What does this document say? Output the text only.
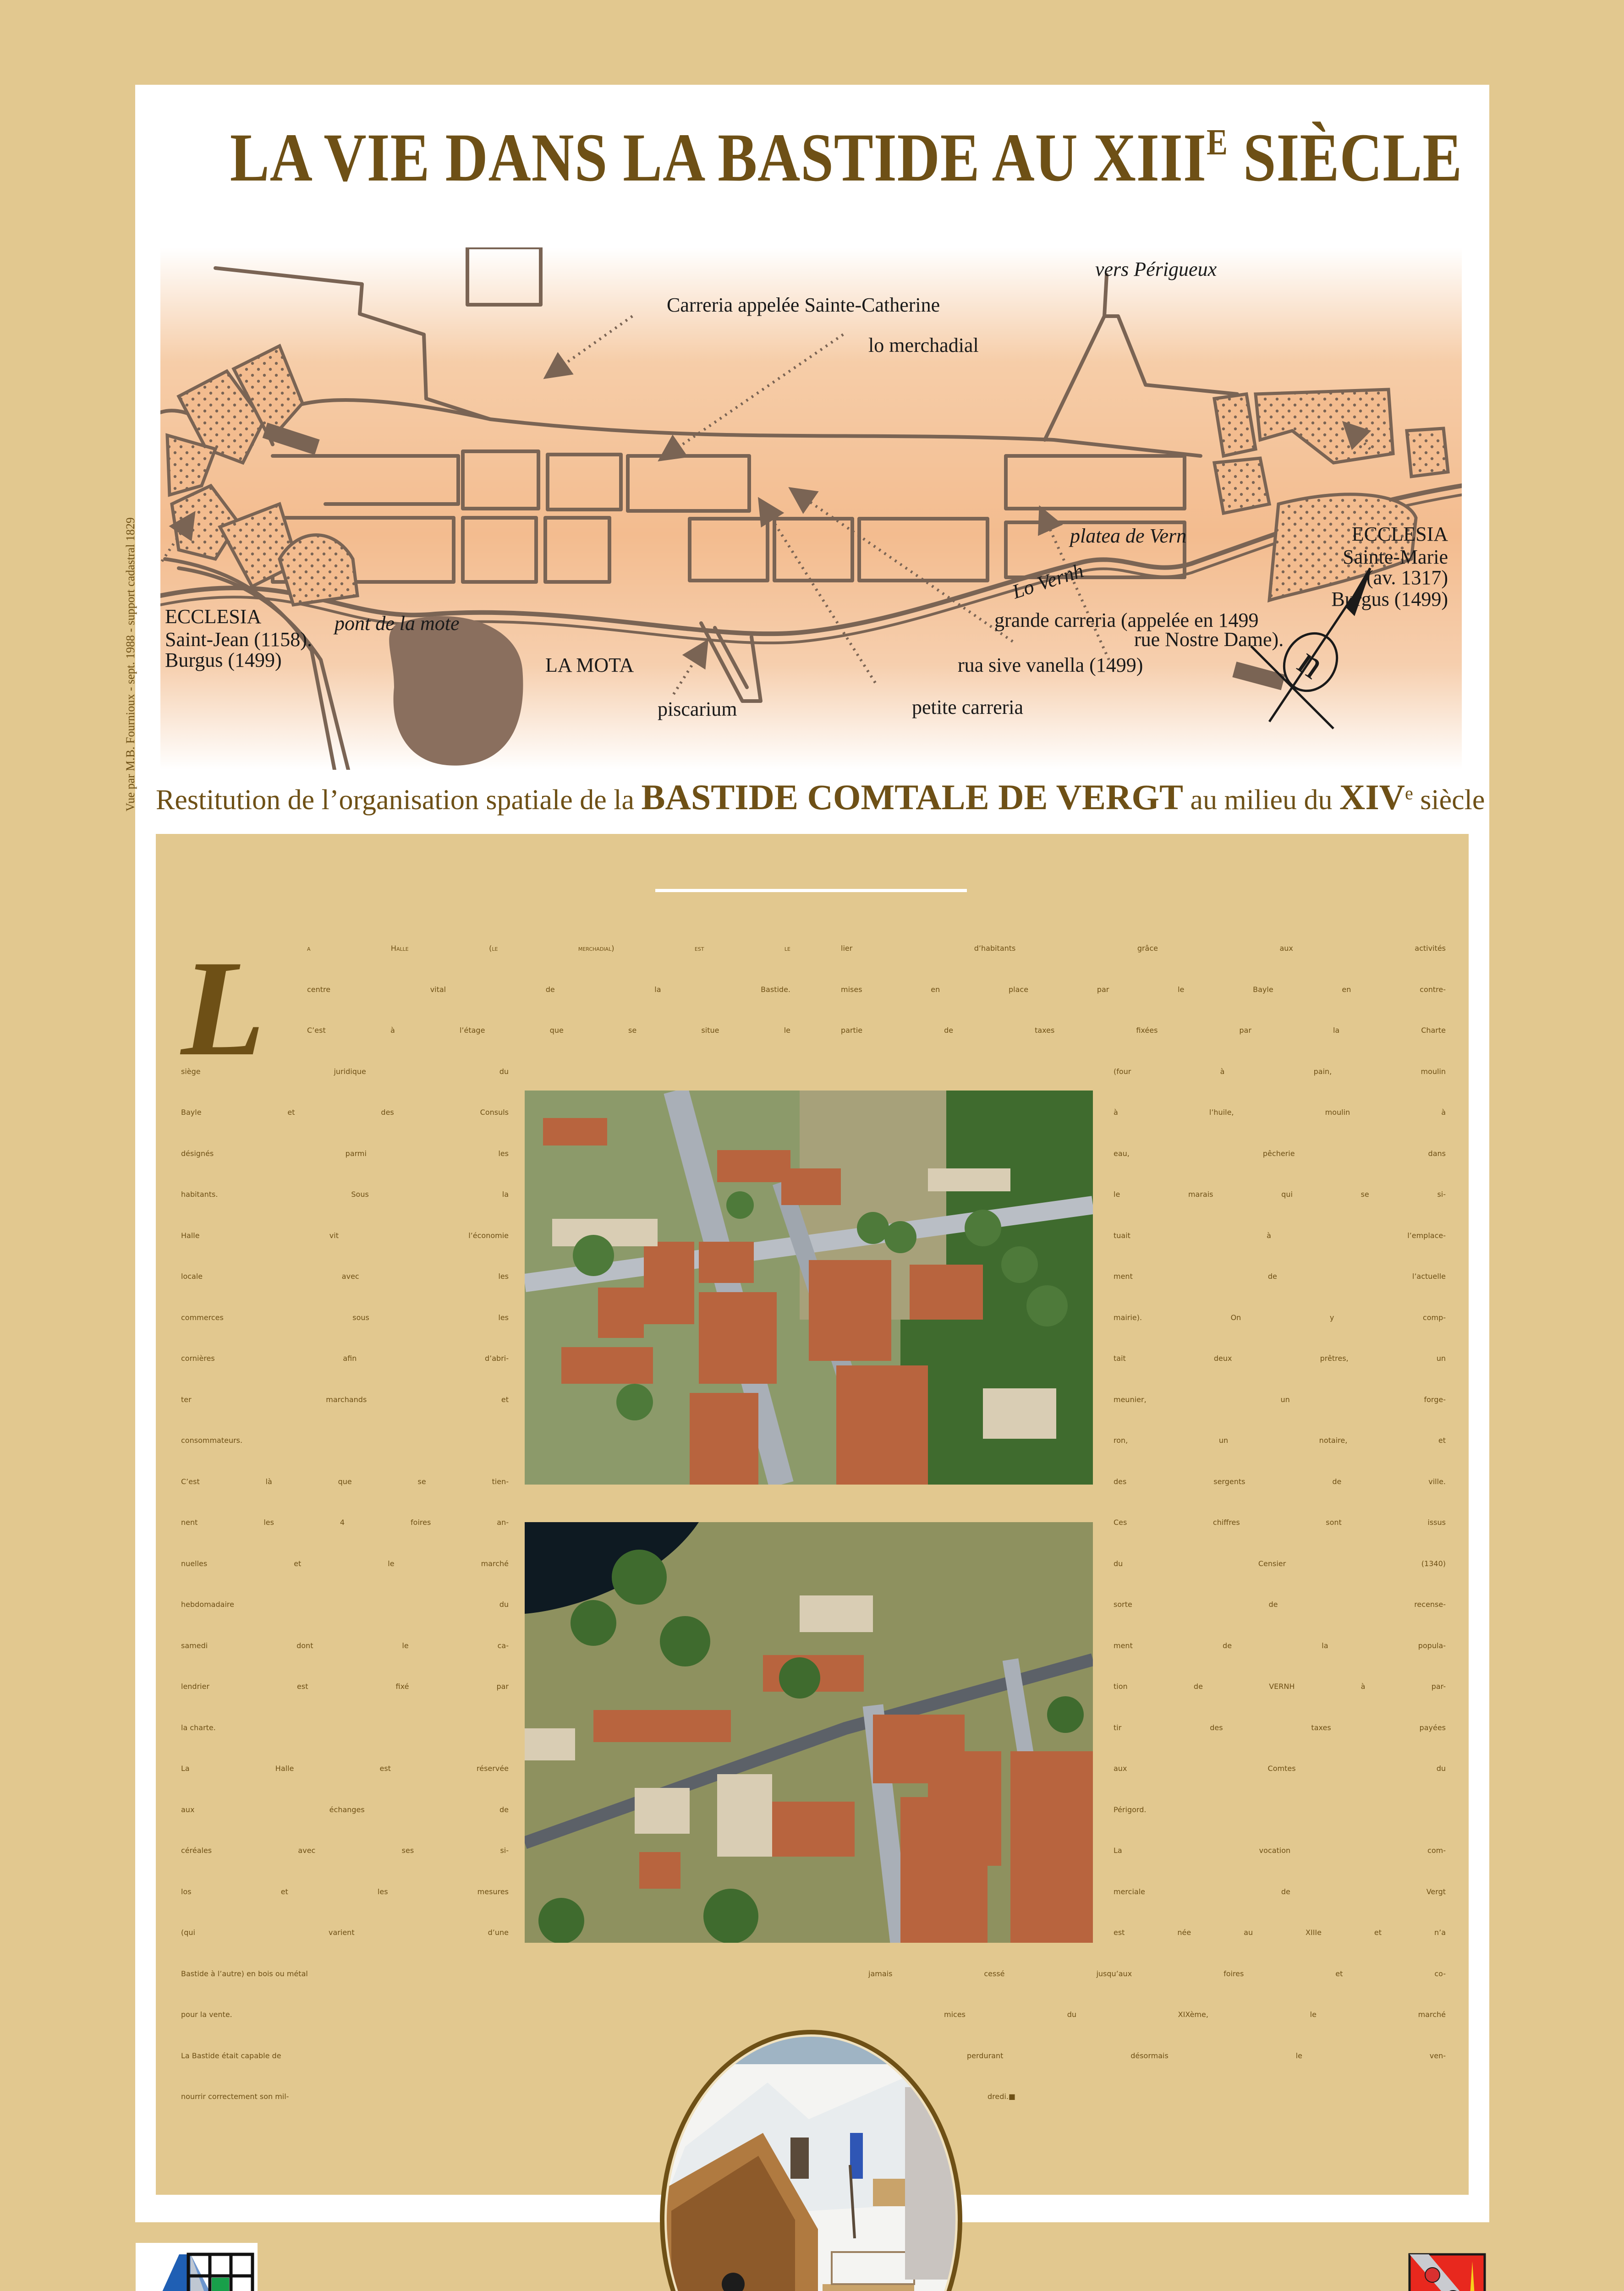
LA VIE DANS LA BASTIDE AU $XIII^E$ SIÈCLE
n
vers Périgueux
Carreria appelée Sainte-Catherine
lo merchadial
platea de Vern
Lo Vernh
pont de la mote
LA MOTA
piscarium	petite carreria
rua sive vanella (1499)
grande carreria (appelée en 1499
rue Nostre Dame).
ECCLESIA
Saint-Jean (1158).
Burgus (1499)
ECCLESIA
Sainte-Marie
(av. 1317)
Burgus (1499)
Restitution de l’organisation spatiale de la BASTIDE COMTALE DE VERGT au milieu du XIVe siècle
Vue par M.B. Fournioux - sept. 1988 - support cadastral 1829
L	a Halle (le merchadial) est le
centre vital de la Bastide.
C’est à l’étage que se situe le
siège juridique du
Bayle et des Consuls
désignés parmi les
habitants. Sous la
Halle vit l’économie
locale avec les
commerces sous les
cornières afin d’abri-
ter marchands et
consommateurs.
C’est là que se tien-
nent les 4 foires an-
nuelles et le marché
hebdomadaire du
samedi dont le ca-
lendrier est fixé par
la charte.
La Halle est réservée
aux échanges de
céréales avec ses si-
los et les mesures
(qui varient d’une
Bastide à l’autre) en bois ou métal
pour la vente.
La Bastide était capable de
nourrir correctement son mil-
lier d’habitants grâce aux activités
mises en place par le Bayle en contre-
partie de taxes fixées par la Charte
(four à pain, moulin
à l’huile, moulin à
eau, pêcherie dans
le marais qui se si-
tuait à l’emplace-
ment de l’actuelle
mairie). On y comp-
tait deux prêtres, un
meunier, un forge-
ron, un notaire, et
des sergents de ville.
Ces chiffres sont issus
du Censier (1340)
sorte de recense-
ment de la popula-
tion de VERNH à par-
tir des taxes payées
aux Comtes du
Périgord.
La vocation com-
merciale de Vergt
est née au XIIIe et n’a
jamais cessé jusqu’aux foires et co-
mices du XIXème, le marché
perdurant désormais le ven-
dredi.■
